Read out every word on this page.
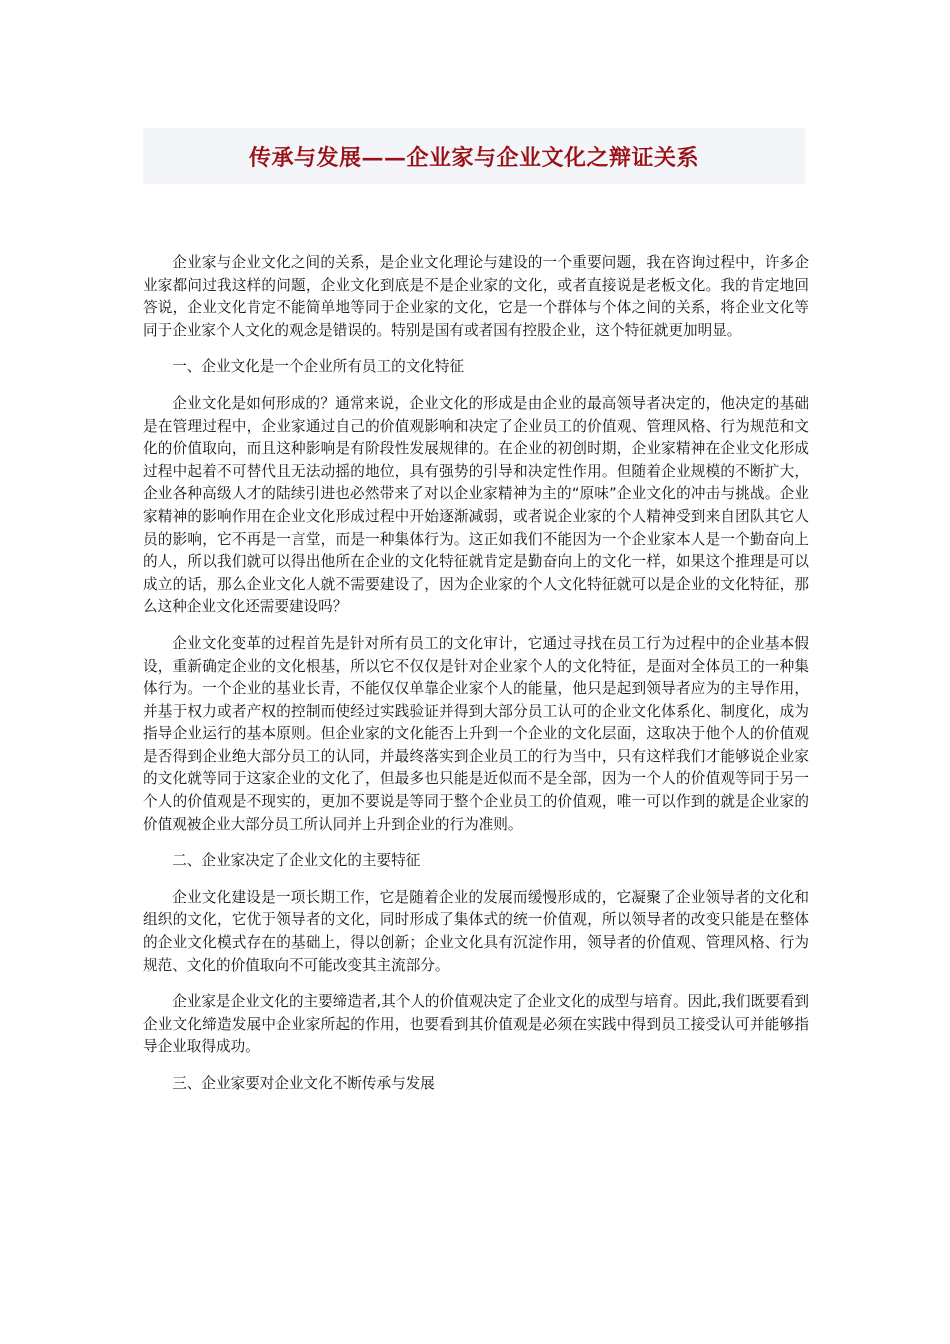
传承与发展——企业家与企业文化之辩证关系

企业家与企业文化之间的关系，是企业文化理论与建设的一个重要问题，我在咨询过程中，许多企业家都问过我这样的问题，企业文化到底是不是企业家的文化，或者直接说是老板文化。我的肯定地回答说，企业文化肯定不能简单地等同于企业家的文化，它是一个群体与个体之间的关系，将企业文化等同于企业家个人文化的观念是错误的。特别是国有或者国有控股企业，这个特征就更加明显。

一、企业文化是一个企业所有员工的文化特征

企业文化是如何形成的？通常来说，企业文化的形成是由企业的最高领导者决定的，他决定的基础是在管理过程中，企业家通过自己的价值观影响和决定了企业员工的价值观、管理风格、行为规范和文化的价值取向，而且这种影响是有阶段性发展规律的。在企业的初创时期，企业家精神在企业文化形成过程中起着不可替代且无法动摇的地位，具有强势的引导和决定性作用。但随着企业规模的不断扩大，企业各种高级人才的陆续引进也必然带来了对以企业家精神为主的“原味”企业文化的冲击与挑战。企业家精神的影响作用在企业文化形成过程中开始逐渐减弱，或者说企业家的个人精神受到来自团队其它人员的影响，它不再是一言堂，而是一种集体行为。这正如我们不能因为一个企业家本人是一个勤奋向上的人，所以我们就可以得出他所在企业的文化特征就肯定是勤奋向上的文化一样，如果这个推理是可以成立的话，那么企业文化人就不需要建设了，因为企业家的个人文化特征就可以是企业的文化特征，那么这种企业文化还需要建设吗？

企业文化变革的过程首先是针对所有员工的文化审计，它通过寻找在员工行为过程中的企业基本假设，重新确定企业的文化根基，所以它不仅仅是针对企业家个人的文化特征，是面对全体员工的一种集体行为。一个企业的基业长青，不能仅仅单靠企业家个人的能量，他只是起到领导者应为的主导作用，并基于权力或者产权的控制而使经过实践验证并得到大部分员工认可的企业文化体系化、制度化，成为指导企业运行的基本原则。但企业家的文化能否上升到一个企业的文化层面，这取决于他个人的价值观是否得到企业绝大部分员工的认同，并最终落实到企业员工的行为当中，只有这样我们才能够说企业家的文化就等同于这家企业的文化了，但最多也只能是近似而不是全部，因为一个人的价值观等同于另一个人的价值观是不现实的，更加不要说是等同于整个企业员工的价值观，唯一可以作到的就是企业家的价值观被企业大部分员工所认同并上升到企业的行为准则。

二、企业家决定了企业文化的主要特征

企业文化建设是一项长期工作，它是随着企业的发展而缓慢形成的，它凝聚了企业领导者的文化和组织的文化，它优于领导者的文化，同时形成了集体式的统一价值观，所以领导者的改变只能是在整体的企业文化模式存在的基础上，得以创新；企业文化具有沉淀作用，领导者的价值观、管理风格、行为规范、文化的价值取向不可能改变其主流部分。

企业家是企业文化的主要缔造者,其个人的价值观决定了企业文化的成型与培育。因此,我们既要看到企业文化缔造发展中企业家所起的作用，也要看到其价值观是必须在实践中得到员工接受认可并能够指导企业取得成功。

三、企业家要对企业文化不断传承与发展
